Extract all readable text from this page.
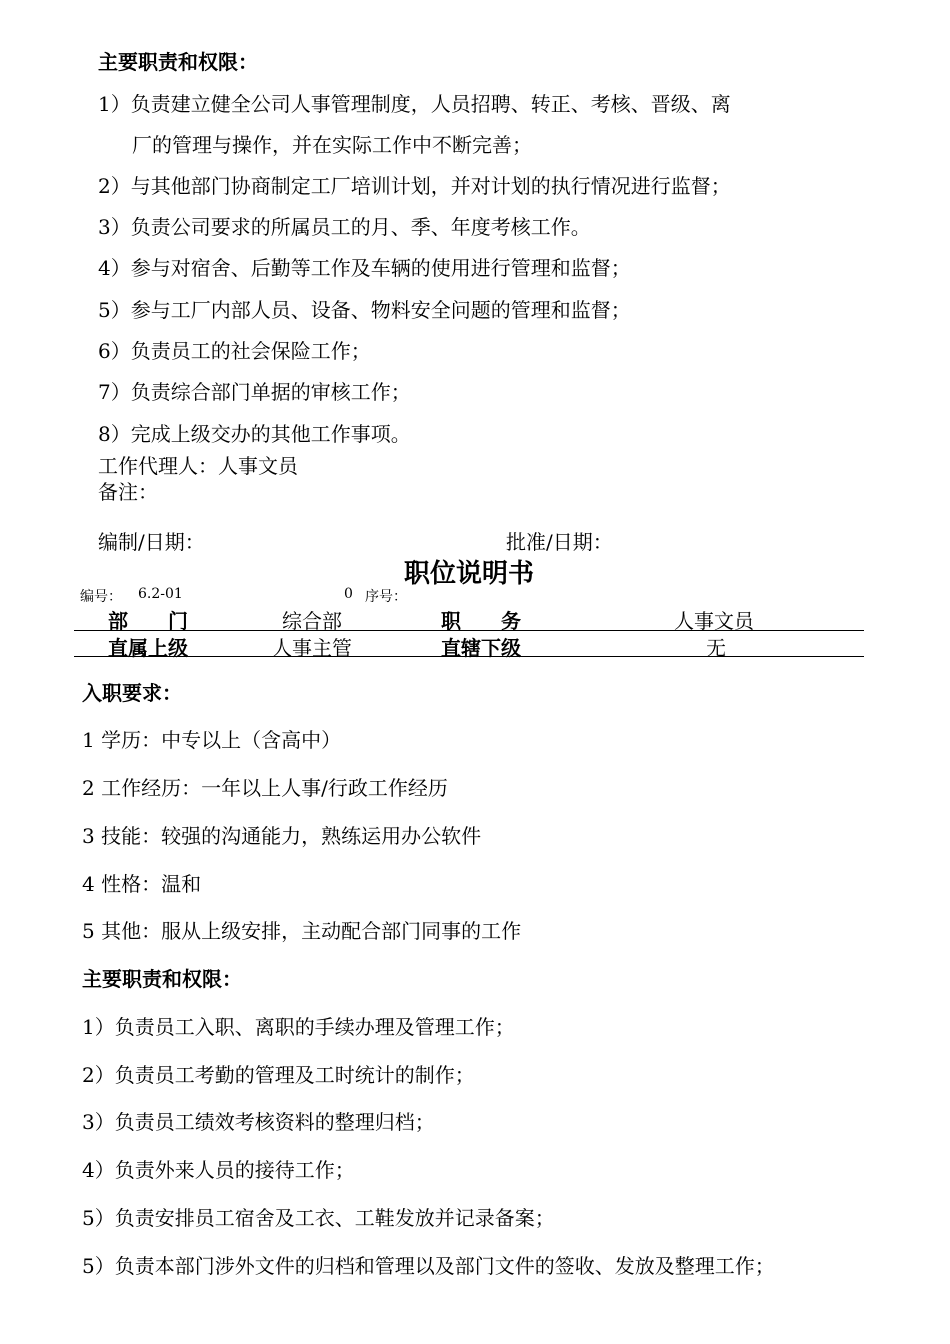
主要职责和权限：
1）负责建立健全公司人事管理制度，人员招聘、转正、考核、晋级、离
厂的管理与操作，并在实际工作中不断完善；
2）与其他部门协商制定工厂培训计划，并对计划的执行情况进行监督；
3）负责公司要求的所属员工的月、季、年度考核工作。
4）参与对宿舍、后勤等工作及车辆的使用进行管理和监督；
5）参与工厂内部人员、设备、物料安全问题的管理和监督；
6）负责员工的社会保险工作；
7）负责综合部门单据的审核工作；
8）完成上级交办的其他工作事项。
工作代理人：人事文员
备注：
编制/日期：	批准/日期：
职位说明书
编号： 6.2-01	0 序号：
部　　门	综合部	职　　务	人事文员
直属上级	人事主管	直辖下级	无
入职要求：
1 学历：中专以上（含高中）
2 工作经历：一年以上人事/行政工作经历
3 技能：较强的沟通能力，熟练运用办公软件
4 性格：温和
5 其他：服从上级安排，主动配合部门同事的工作
主要职责和权限：
1）负责员工入职、离职的手续办理及管理工作；
2）负责员工考勤的管理及工时统计的制作；
3）负责员工绩效考核资料的整理归档；
4）负责外来人员的接待工作；
5）负责安排员工宿舍及工衣、工鞋发放并记录备案；
5）负责本部门涉外文件的归档和管理以及部门文件的签收、发放及整理工作；
